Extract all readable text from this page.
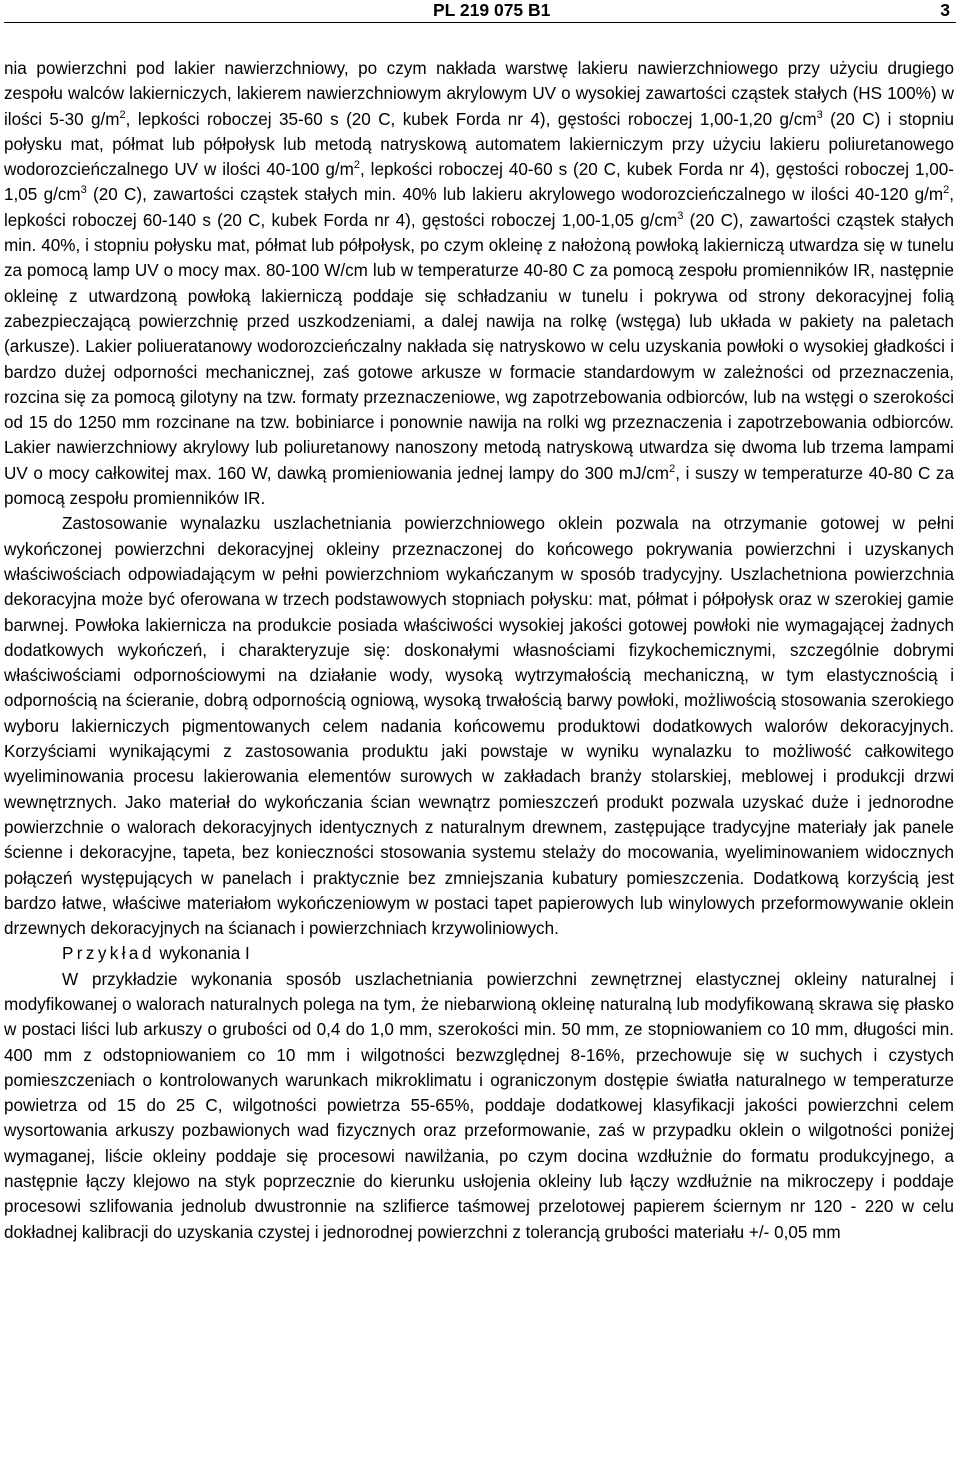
PL 219 075 B1	3

nia powierzchni pod lakier nawierzchniowy, po czym nakłada warstwę lakieru nawierzchniowego przy użyciu drugiego zespołu walców lakierniczych, lakierem nawierzchniowym akrylowym UV o wysokiej zawartości cząstek stałych (HS 100%) w ilości 5-30 $g/m^2$, lepkości roboczej 35-60 s (20 C, kubek Forda nr 4), gęstości roboczej 1,00-1,20 $g/cm^3$ (20 C) i stopniu połysku mat, półmat lub półpołysk lub metodą natryskową automatem lakierniczym przy użyciu lakieru poliuretanowego wodorozcieńczalnego UV w ilości 40-100 $g/m^2$, lepkości roboczej 40-60 s (20 C, kubek Forda nr 4), gęstości roboczej 1,00-1,05 $g/cm^3$ (20 C), zawartości cząstek stałych min. 40% lub lakieru akrylowego wodorozcieńczalnego w ilości 40-120 $g/m^2$, lepkości roboczej 60-140 s (20 C, kubek Forda nr 4), gęstości roboczej 1,00-1,05 $g/cm^3$ (20 C), zawartości cząstek stałych min. 40%, i stopniu połysku mat, półmat lub półpołysk, po czym okleinę z nałożoną powłoką lakierniczą utwardza się w tunelu za pomocą lamp UV o mocy max. 80-100 W/cm lub w temperaturze 40-80 C za pomocą zespołu promienników IR, następnie okleinę z utwardzoną powłoką lakierniczą poddaje się schładzaniu w tunelu i pokrywa od strony dekoracyjnej folią zabezpieczającą powierzchnię przed uszkodzeniami, a dalej nawija na rolkę (wstęga) lub układa w pakiety na paletach (arkusze). Lakier poliueratanowy wodorozcieńczalny nakłada się natryskowo w celu uzyskania powłoki o wysokiej gładkości i bardzo dużej odporności mechanicznej, zaś gotowe arkusze w formacie standardowym w zależności od przeznaczenia, rozcina się za pomocą gilotyny na tzw. formaty przeznaczeniowe, wg zapotrzebowania odbiorców, lub na wstęgi o szerokości od 15 do 1250 mm rozcinane na tzw. bobiniarce i ponownie nawija na rolki wg przeznaczenia i zapotrzebowania odbiorców. Lakier nawierzchniowy akrylowy lub poliuretanowy nanoszony metodą natryskową utwardza się dwoma lub trzema lampami UV o mocy całkowitej max. 160 W, dawką promieniowania jednej lampy do 300 $mJ/cm^2$, i suszy w temperaturze 40-80 C za pomocą zespołu promienników IR.

Zastosowanie wynalazku uszlachetniania powierzchniowego oklein pozwala na otrzymanie gotowej w pełni wykończonej powierzchni dekoracyjnej okleiny przeznaczonej do końcowego pokrywania powierzchni i uzyskanych właściwościach odpowiadającym w pełni powierzchniom wykańczanym w sposób tradycyjny. Uszlachetniona powierzchnia dekoracyjna może być oferowana w trzech podstawowych stopniach połysku: mat, półmat i półpołysk oraz w szerokiej gamie barwnej. Powłoka lakiernicza na produkcie posiada właściwości wysokiej jakości gotowej powłoki nie wymagającej żadnych dodatkowych wykończeń, i charakteryzuje się: doskonałymi własnościami fizykochemicznymi, szczególnie dobrymi właściwościami odpornościowymi na działanie wody, wysoką wytrzymałością mechaniczną, w tym elastycznością i odpornością na ścieranie, dobrą odpornością ogniową, wysoką trwałością barwy powłoki, możliwością stosowania szerokiego wyboru lakierniczych pigmentowanych celem nadania końcowemu produktowi dodatkowych walorów dekoracyjnych. Korzyściami wynikającymi z zastosowania produktu jaki powstaje w wyniku wynalazku to możliwość całkowitego wyeliminowania procesu lakierowania elementów surowych w zakładach branży stolarskiej, meblowej i produkcji drzwi wewnętrznych. Jako materiał do wykończania ścian wewnątrz pomieszczeń produkt pozwala uzyskać duże i jednorodne powierzchnie o walorach dekoracyjnych identycznych z naturalnym drewnem, zastępujące tradycyjne materiały jak panele ścienne i dekoracyjne, tapeta, bez konieczności stosowania systemu stelaży do mocowania, wyeliminowaniem widocznych połączeń występujących w panelach i praktycznie bez zmniejszania kubatury pomieszczenia. Dodatkową korzyścią jest bardzo łatwe, właściwe materiałom wykończeniowym w postaci tapet papierowych lub winylowych przeformowywanie oklein drzewnych dekoracyjnych na ścianach i powierzchniach krzywoliniowych.

Przykład wykonania I

W przykładzie wykonania sposób uszlachetniania powierzchni zewnętrznej elastycznej okleiny naturalnej i modyfikowanej o walorach naturalnych polega na tym, że niebarwioną okleinę naturalną lub modyfikowaną skrawa się płasko w postaci liści lub arkuszy o grubości od 0,4 do 1,0 mm, szerokości min. 50 mm, ze stopniowaniem co 10 mm, długości min. 400 mm z odstopniowaniem co 10 mm i wilgotności bezwzględnej 8-16%, przechowuje się w suchych i czystych pomieszczeniach o kontrolowanych warunkach mikroklimatu i ograniczonym dostępie światła naturalnego w temperaturze powietrza od 15 do 25 C, wilgotności powietrza 55-65%, poddaje dodatkowej klasyfikacji jakości powierzchni celem wysortowania arkuszy pozbawionych wad fizycznych oraz przeformowanie, zaś w przypadku oklein o wilgotności poniżej wymaganej, liście okleiny poddaje się procesowi nawilżania, po czym docina wzdłużnie do formatu produkcyjnego, a następnie łączy klejowo na styk poprzecznie do kierunku usłojenia okleiny lub łączy wzdłużnie na mikroczepy i poddaje procesowi szlifowania jednolub dwustronnie na szlifierce taśmowej przelotowej papierem ściernym nr 120 - 220 w celu dokładnej kalibracji do uzyskania czystej i jednorodnej powierzchni z tolerancją grubości materiału +/- 0,05 mm
